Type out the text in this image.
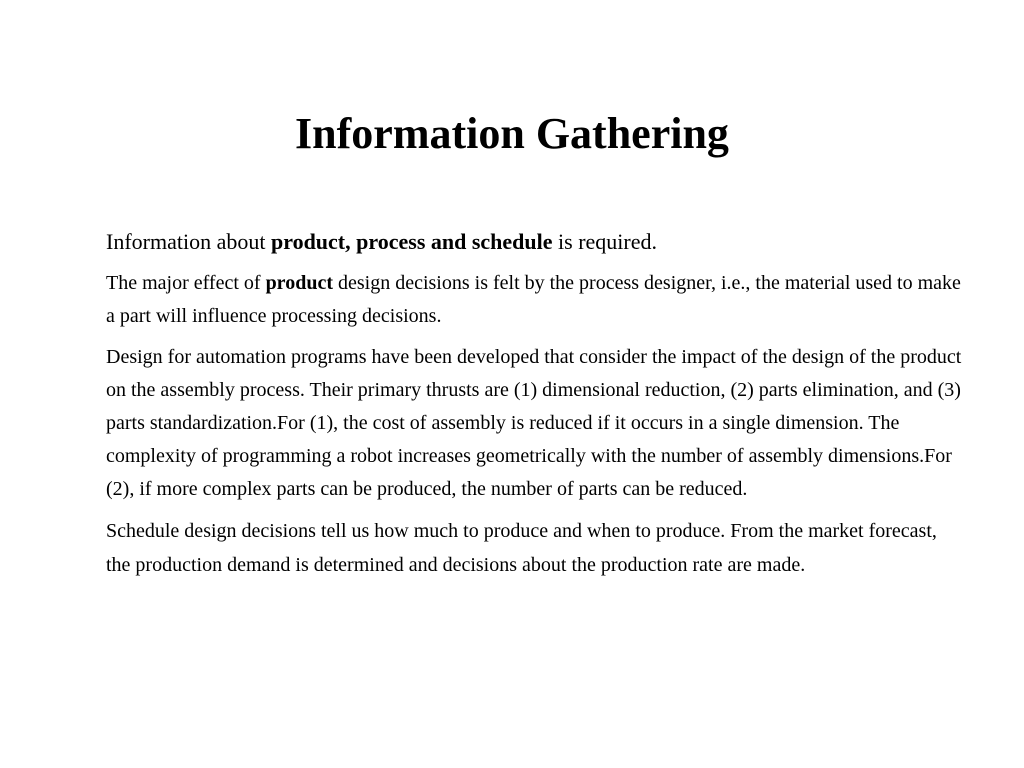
Information Gathering

Information about product, process and schedule is required.

The major effect of product design decisions is felt by the process designer, i.e., the material used to make a part will influence processing decisions.

Design for automation programs have been developed that consider the impact of the design of the product on the assembly process. Their primary thrusts are (1) dimensional reduction, (2) parts elimination, and (3) parts standardization.For (1), the cost of assembly is reduced if it occurs in a single dimension. The complexity of programming a robot increases geometrically with the number of assembly dimensions.For (2), if more complex parts can be produced, the number of parts can be reduced.

Schedule design decisions tell us how much to produce and when to produce. From the market forecast, the production demand is determined and decisions about the production rate are made.
